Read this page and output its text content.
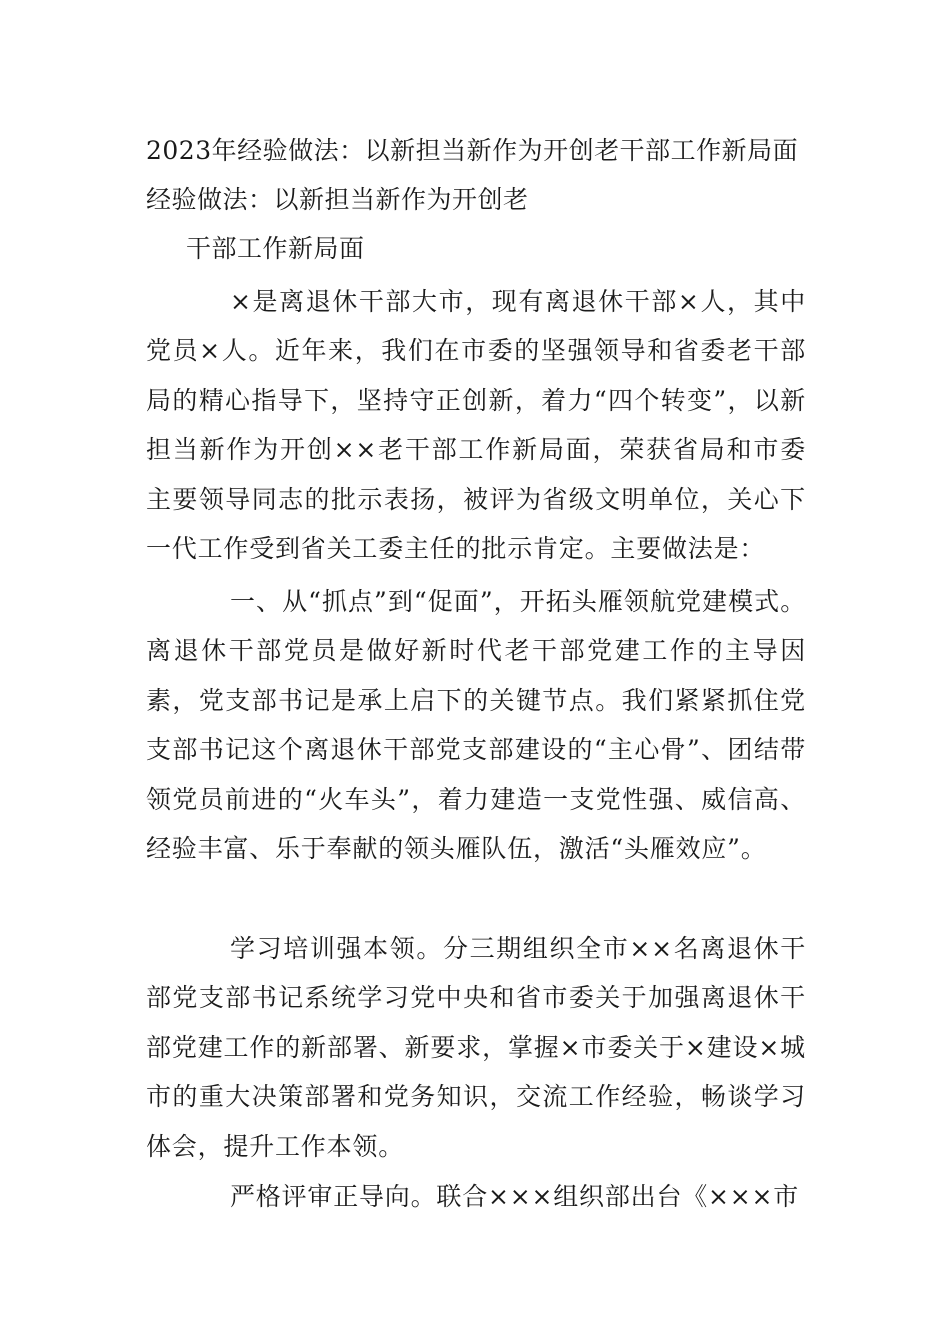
2023年经验做法：以新担当新作为开创老干部工作新局面
经验做法：以新担当新作为开创老
干部工作新局面

×是离退休干部大市，现有离退休干部×人，其中党员×人。近年来，我们在市委的坚强领导和省委老干部局的精心指导下，坚持守正创新，着力“四个转变”，以新担当新作为开创××老干部工作新局面，荣获省局和市委主要领导同志的批示表扬，被评为省级文明单位，关心下一代工作受到省关工委主任的批示肯定。主要做法是：

一、从“抓点”到“促面”，开拓头雁领航党建模式。离退休干部党员是做好新时代老干部党建工作的主导因素，党支部书记是承上启下的关键节点。我们紧紧抓住党支部书记这个离退休干部党支部建设的“主心骨”、团结带领党员前进的“火车头”，着力建造一支党性强、威信高、经验丰富、乐于奉献的领头雁队伍，激活“头雁效应”。

学习培训强本领。分三期组织全市××名离退休干部党支部书记系统学习党中央和省市委关于加强离退休干部党建工作的新部署、新要求，掌握×市委关于×建设×城市的重大决策部署和党务知识，交流工作经验，畅谈学习体会，提升工作本领。

严格评审正导向。联合×××组织部出台《×××市
